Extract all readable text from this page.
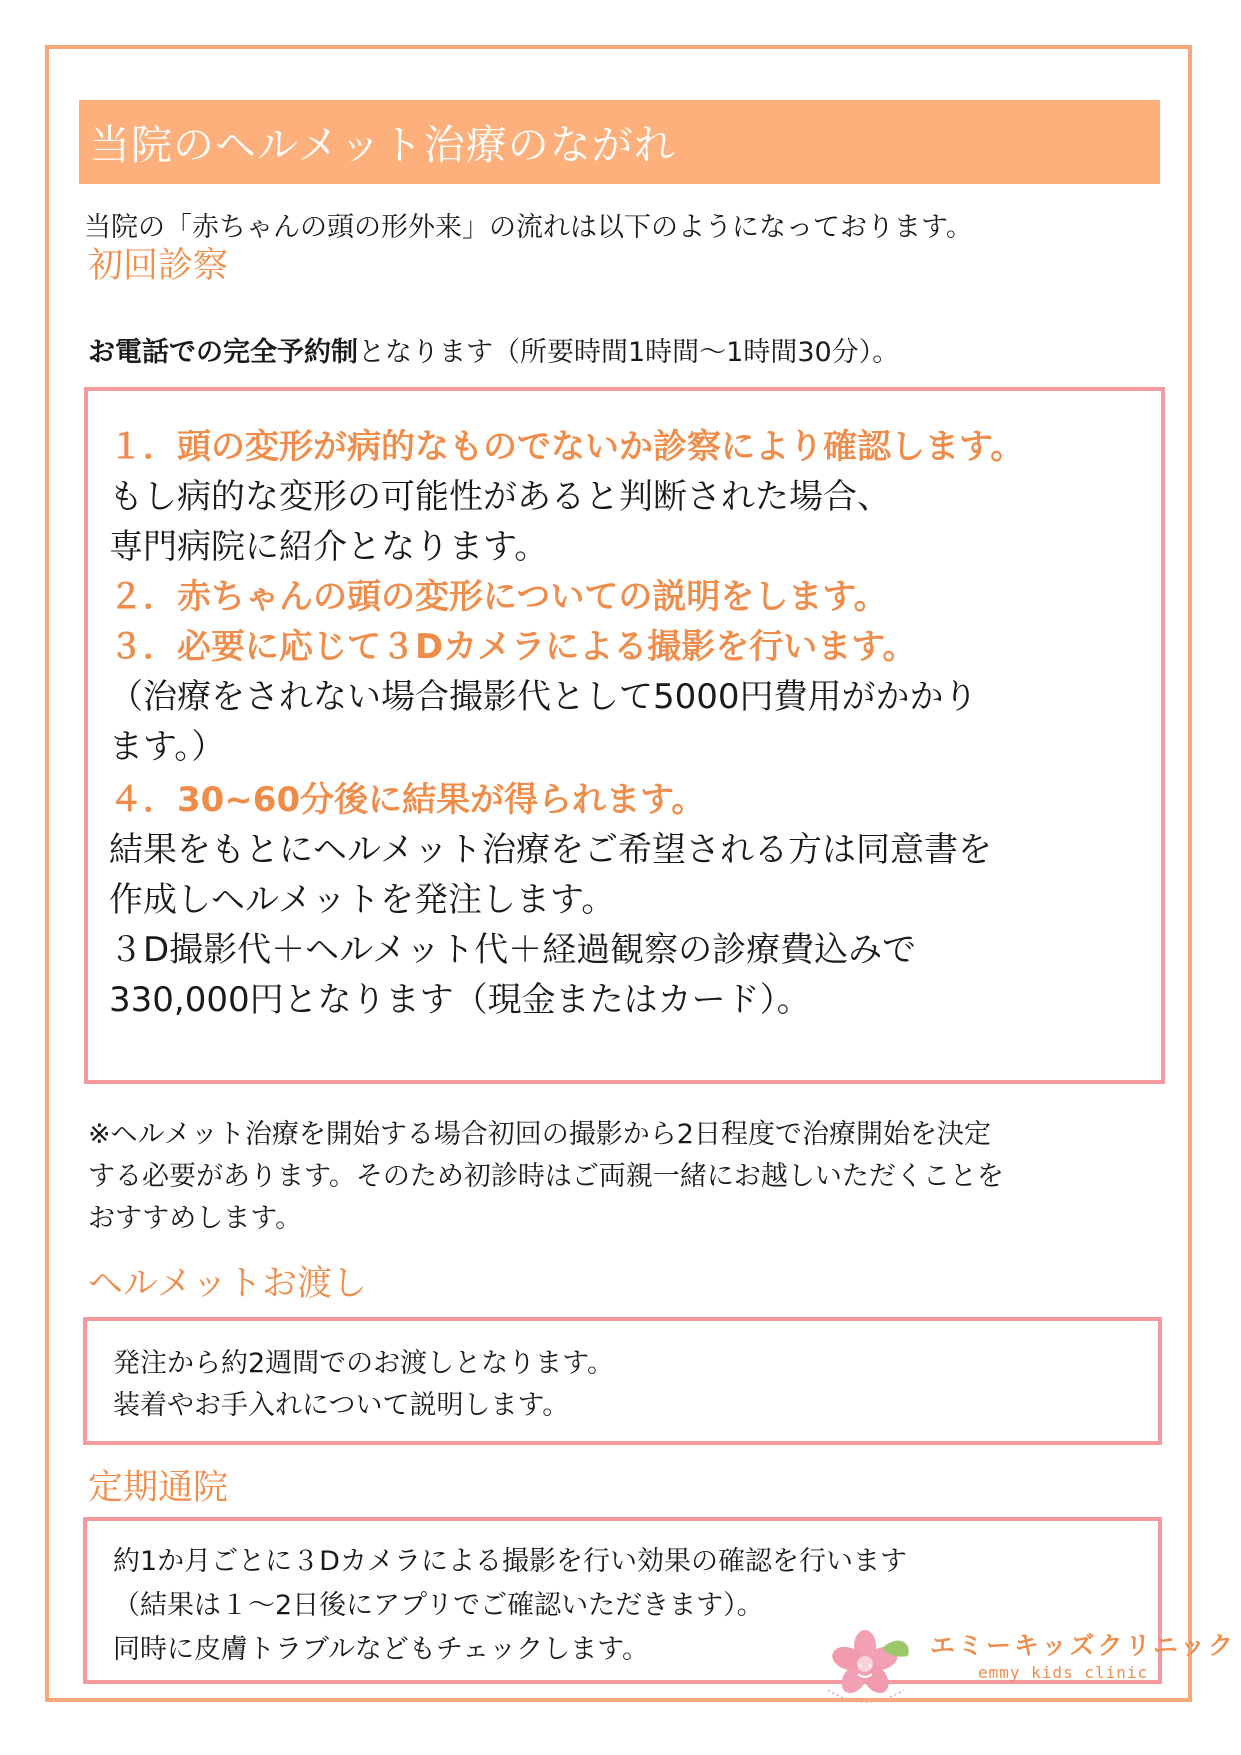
当院のヘルメット治療のながれ
当院の「赤ちゃんの頭の形外来」の流れは以下のようになっております。
初回診察
お電話での完全予約制となります（所要時間1時間〜1時間30分）。
１．頭の変形が病的なものでないか診察により確認します。
もし病的な変形の可能性があると判断された場合、
専門病院に紹介となります。
２．赤ちゃんの頭の変形についての説明をします。
３．必要に応じて３Dカメラによる撮影を行います。
（治療をされない場合撮影代として5000円費用がかかり
ます。）
４．30~60分後に結果が得られます。
結果をもとにヘルメット治療をご希望される方は同意書を
作成しヘルメットを発注します。
３D撮影代＋ヘルメット代＋経過観察の診療費込みで
330,000円となります（現金またはカード）。
※ヘルメット治療を開始する場合初回の撮影から2日程度で治療開始を決定
する必要があります。そのため初診時はご両親一緒にお越しいただくことを
おすすめします。
ヘルメットお渡し
発注から約2週間でのお渡しとなります。
装着やお手入れについて説明します。
定期通院
約1か月ごとに３Dカメラによる撮影を行い効果の確認を行います
（結果は１〜2日後にアプリでご確認いただきます）。
同時に皮膚トラブルなどもチェックします。	エミーキッズクリニック
emmy kids clinic
